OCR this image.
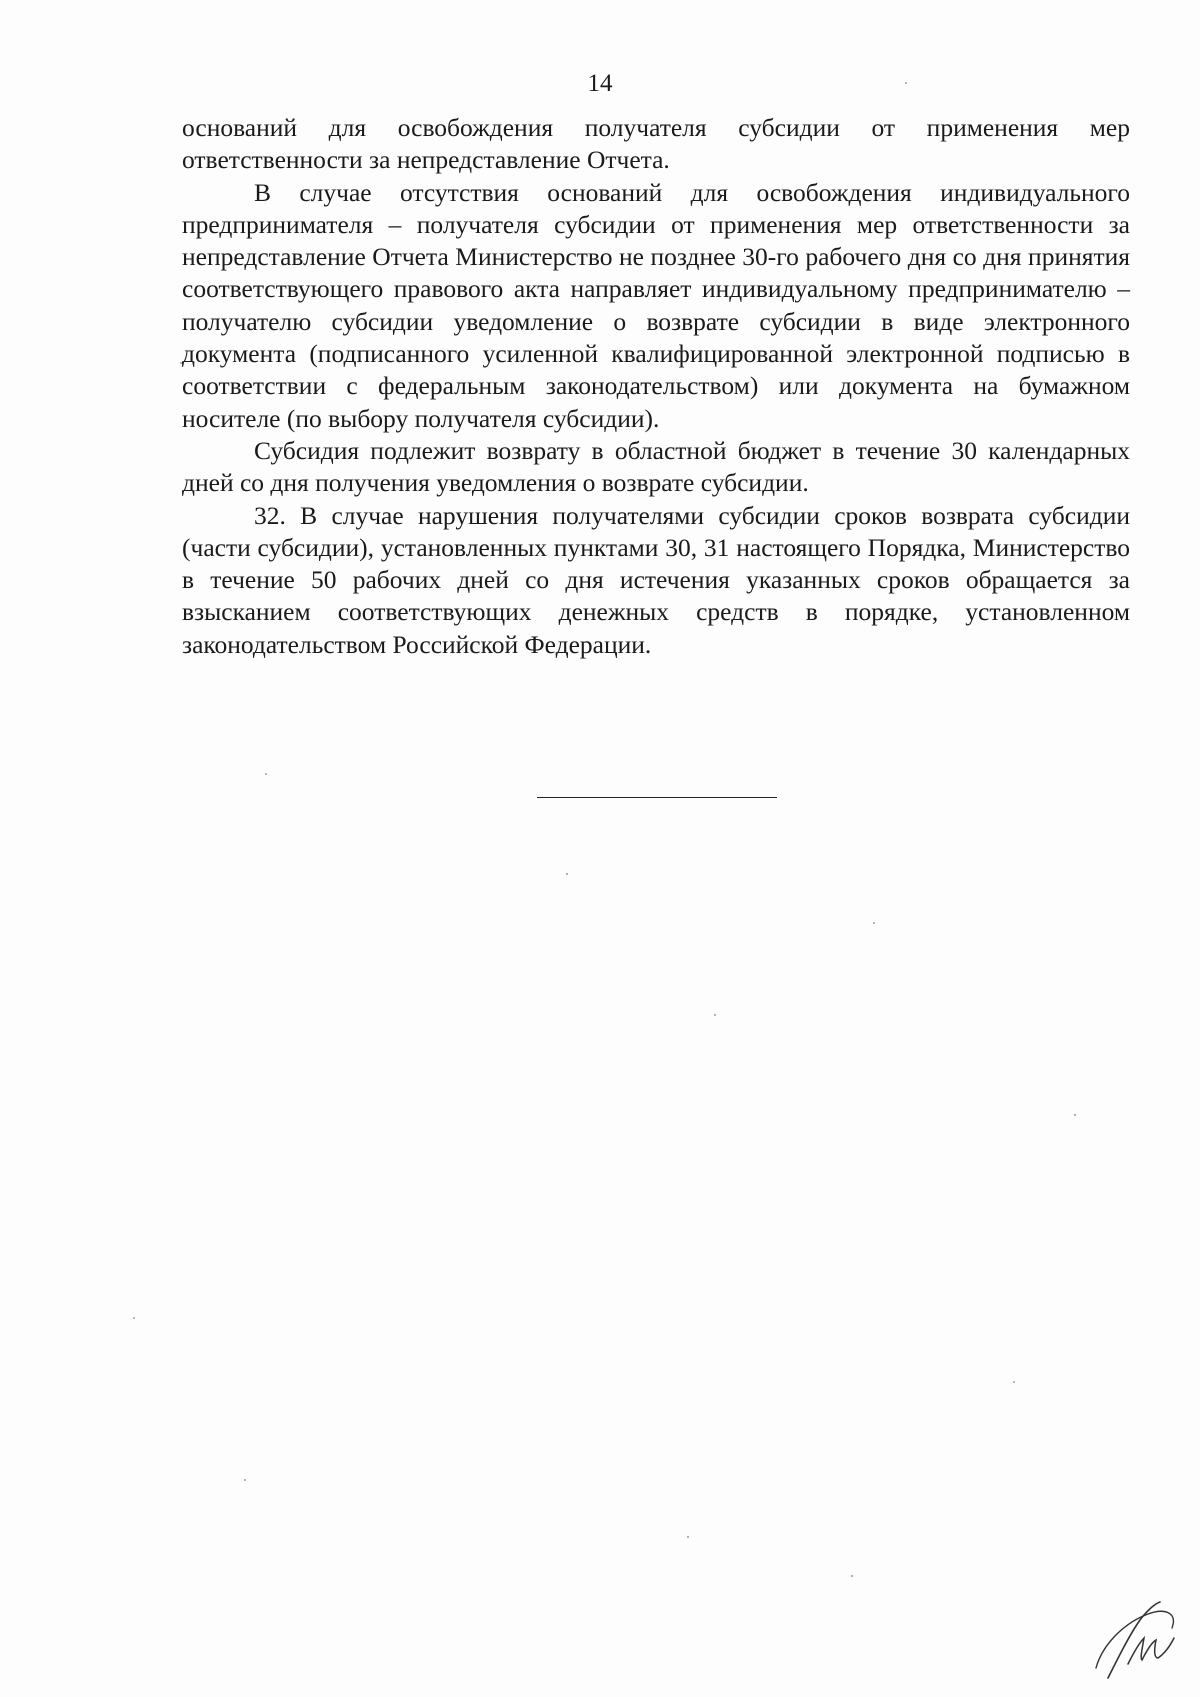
14

оснований для освобождения получателя субсидии от применения мер ответственности за непредставление Отчета.

В случае отсутствия оснований для освобождения индивидуального предпринимателя – получателя субсидии от применения мер ответственности за непредставление Отчета Министерство не позднее 30-го рабочего дня со дня принятия соответствующего правового акта направляет индивидуальному предпринимателю – получателю субсидии уведомление о возврате субсидии в виде электронного документа (подписанного усиленной квалифицированной электронной подписью в соответствии с федеральным законодательством) или документа на бумажном носителе (по выбору получателя субсидии).

Субсидия подлежит возврату в областной бюджет в течение 30 календарных дней со дня получения уведомления о возврате субсидии.

32. В случае нарушения получателями субсидии сроков возврата субсидии (части субсидии), установленных пунктами 30, 31 настоящего Порядка, Министерство в течение 50 рабочих дней со дня истечения указанных сроков обращается за взысканием соответствующих денежных средств в порядке, установленном законодательством Российской Федерации.
